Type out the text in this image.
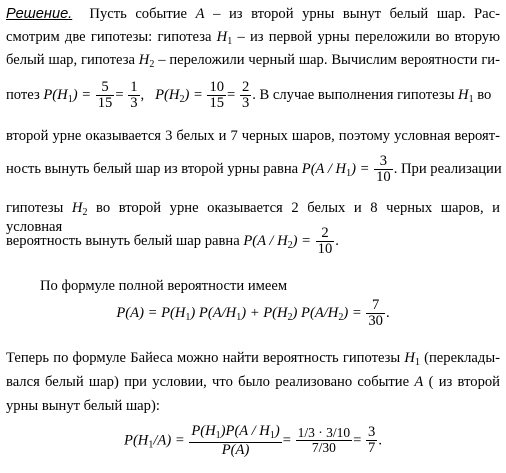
Решение. Пусть событие A – из второй урны вынут белый шар. Рас-
смотрим две гипотезы: гипотеза $H_1$ – из первой урны переложили во вторую
белый шар, гипотеза $H_2$ – переложили черный шар. Вычислим вероятности ги-
потез $P(H_1) = \frac{5}{15} = \frac{1}{3}$ , $P(H_2) = \frac{10}{15} = \frac{2}{3}$ . В случае выполнения гипотезы $H_1$ во
второй урне оказывается 3 белых и 7 черных шаров, поэтому условная вероят-
ность вынуть белый шар из второй урны равна $P(A / H_1) = \frac{3}{10}$ . При реализации
гипотезы $H_2$ во второй урне оказывается 2 белых и 8 черных шаров, и условная
вероятность вынуть белый шар равна $P(A / H_2) = \frac{2}{10}$ .
По формуле полной вероятности имеем
$P(A) = P(H_1) P(A/H_1) + P(H_2) P(A/H_2) = \frac{7}{30}$ .
Теперь по формуле Байеса можно найти вероятность гипотезы $H_1$ (переклады-
вался белый шар) при условии, что было реализовано событие A ( из второй
урны вынут белый шар):
$P(H_1/A) = \frac{P(H_1)P(A / H_1)}{P(A)} = \frac{1/3 \cdot 3/10}{7/30} = \frac{3}{7}$ .
